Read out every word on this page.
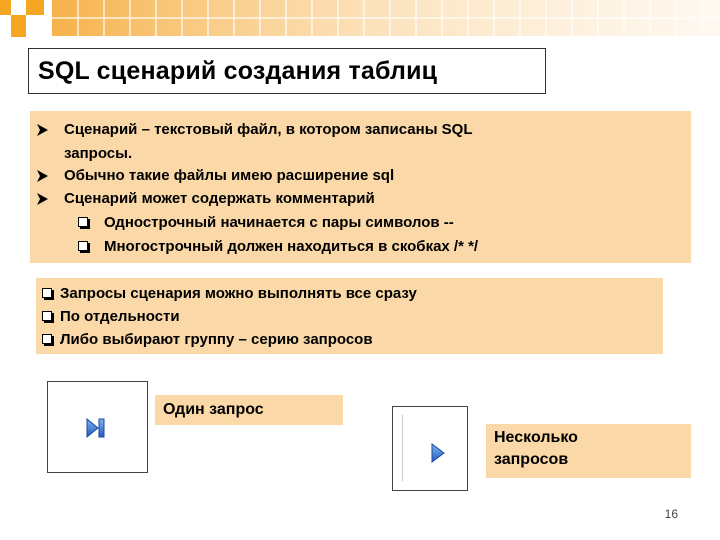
SQL сценарий создания таблиц
Сценарий – текстовый файл, в котором записаны SQL
запросы.
Обычно такие файлы имею расширение sql
Сценарий может содержать комментарий
Однострочный начинается с пары символов --
Многострочный должен находиться в скобках /* */
Запросы сценария можно выполнять все сразу
По отдельности
Либо выбирают группу – серию запросов
Один запрос
Несколько
запросов
16
